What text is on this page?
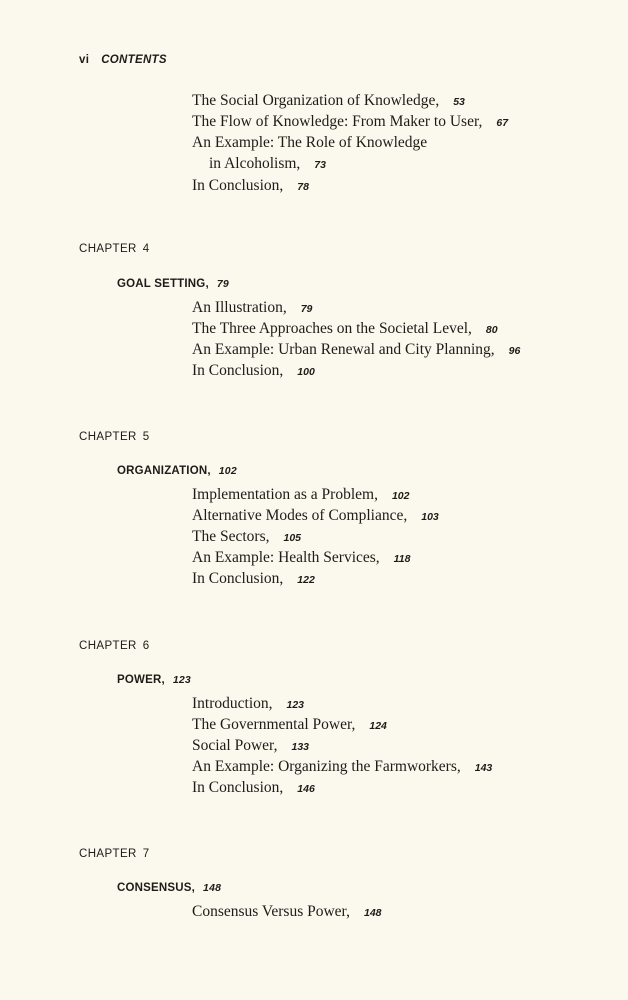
vi CONTENTS
The Social Organization of Knowledge, 53
The Flow of Knowledge: From Maker to User, 67
An Example: The Role of Knowledge
in Alcoholism, 73
In Conclusion, 78
CHAPTER 4
GOAL SETTING, 79
An Illustration, 79
The Three Approaches on the Societal Level, 80
An Example: Urban Renewal and City Planning, 96
In Conclusion, 100
CHAPTER 5
ORGANIZATION, 102
Implementation as a Problem, 102
Alternative Modes of Compliance, 103
The Sectors, 105
An Example: Health Services, 118
In Conclusion, 122
CHAPTER 6
POWER, 123
Introduction, 123
The Governmental Power, 124
Social Power, 133
An Example: Organizing the Farmworkers, 143
In Conclusion, 146
CHAPTER 7
CONSENSUS, 148
Consensus Versus Power, 148
